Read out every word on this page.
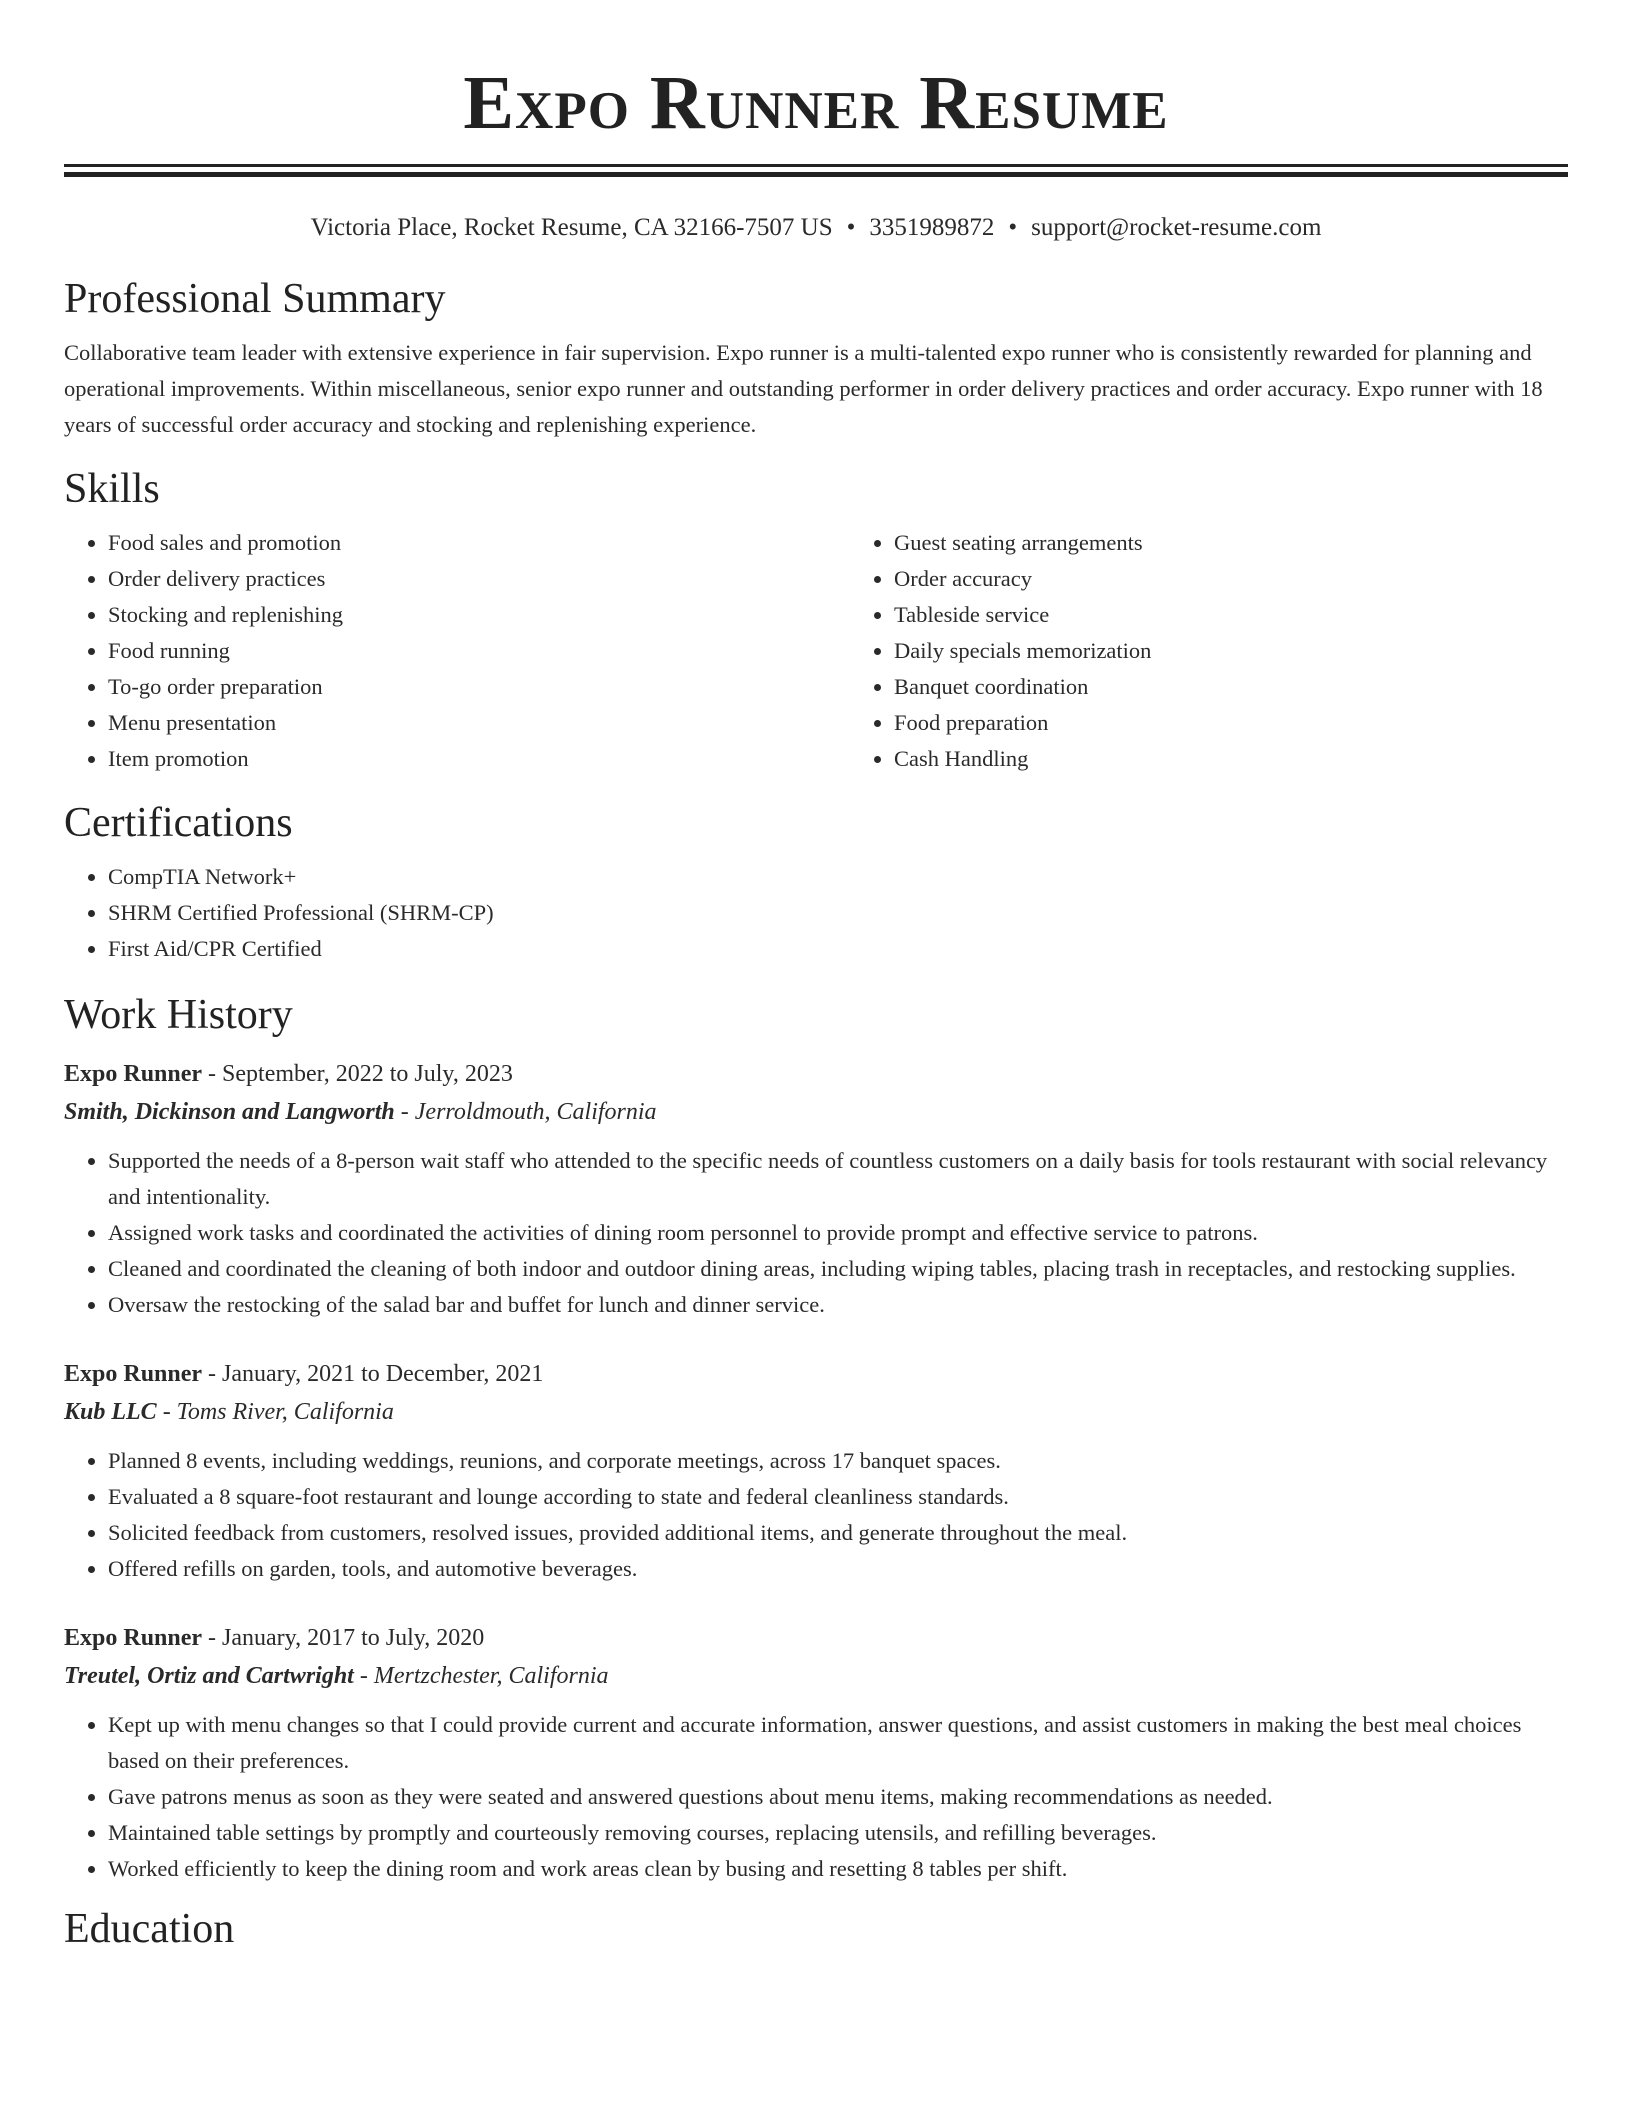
Expo Runner Resume
Victoria Place, Rocket Resume, CA 32166-7507 US • 3351989872 • support@rocket-resume.com
Professional Summary

Collaborative team leader with extensive experience in fair supervision. Expo runner is a multi-talented expo runner who is consistently rewarded for planning and operational improvements. Within miscellaneous, senior expo runner and outstanding performer in order delivery practices and order accuracy. Expo runner with 18 years of successful order accuracy and stocking and replenishing experience.

Skills
• Food sales and promotion
• Order delivery practices
• Stocking and replenishing
• Food running
• To-go order preparation
• Menu presentation
• Item promotion
• Guest seating arrangements
• Order accuracy
• Tableside service
• Daily specials memorization
• Banquet coordination
• Food preparation
• Cash Handling
Certifications
• CompTIA Network+
• SHRM Certified Professional (SHRM-CP)
• First Aid/CPR Certified
Work History

Expo Runner - September, 2022 to July, 2023

Smith, Dickinson and Langworth - Jerroldmouth, California

• Supported the needs of a 8-person wait staff who attended to the specific needs of countless customers on a daily basis for tools restaurant with social relevancy and intentionality.
• Assigned work tasks and coordinated the activities of dining room personnel to provide prompt and effective service to patrons.
• Cleaned and coordinated the cleaning of both indoor and outdoor dining areas, including wiping tables, placing trash in receptacles, and restocking supplies.
• Oversaw the restocking of the salad bar and buffet for lunch and dinner service.

Expo Runner - January, 2021 to December, 2021

Kub LLC - Toms River, California

• Planned 8 events, including weddings, reunions, and corporate meetings, across 17 banquet spaces.
• Evaluated a 8 square-foot restaurant and lounge according to state and federal cleanliness standards.
• Solicited feedback from customers, resolved issues, provided additional items, and generate throughout the meal.
• Offered refills on garden, tools, and automotive beverages.

Expo Runner - January, 2017 to July, 2020

Treutel, Ortiz and Cartwright - Mertzchester, California

• Kept up with menu changes so that I could provide current and accurate information, answer questions, and assist customers in making the best meal choices based on their preferences.
• Gave patrons menus as soon as they were seated and answered questions about menu items, making recommendations as needed.
• Maintained table settings by promptly and courteously removing courses, replacing utensils, and refilling beverages.
• Worked efficiently to keep the dining room and work areas clean by busing and resetting 8 tables per shift.
Education
